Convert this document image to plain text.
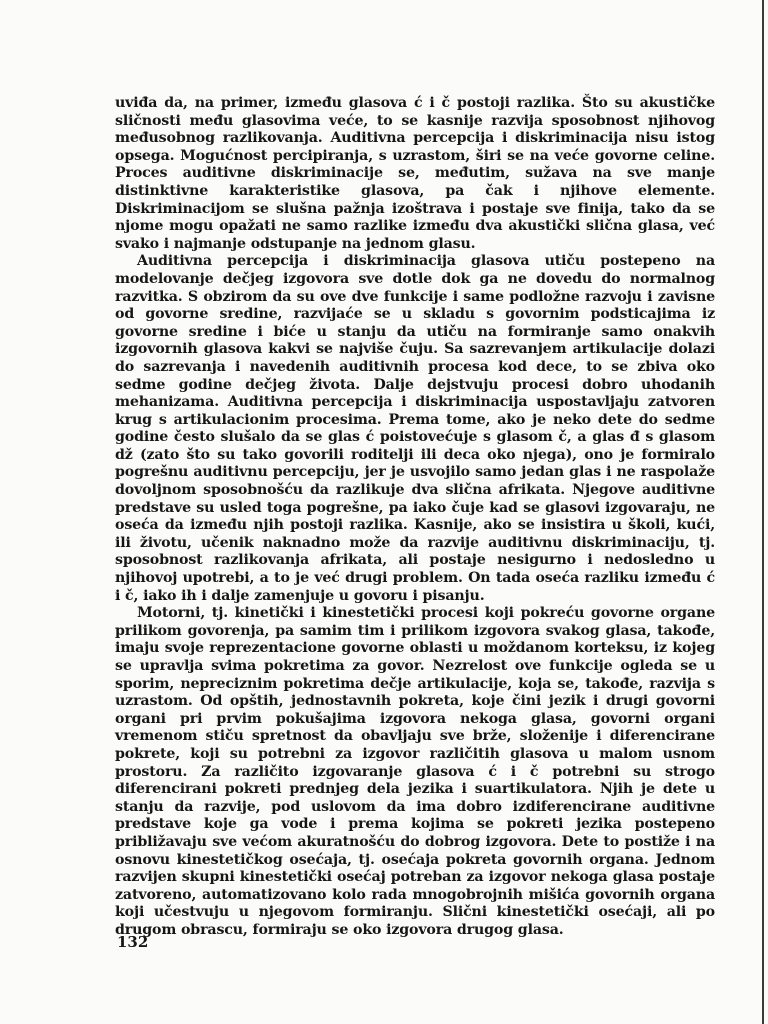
uviđa da, na primer, između glasova ć i č postoji razlika. Što su akustičke sličnosti među glasovima veće, to se kasnije razvija sposobnost njihovog međusobnog razlikovanja. Auditivna percepcija i diskriminacija nisu istog opsega. Mogućnost percipiranja, s uzrastom, širi se na veće govorne celine. Proces auditivne diskriminacije se, međutim, sužava na sve manje distinktivne karakteristike glasova, pa čak i njihove elemente. Diskriminacijom se slušna pažnja izoštrava i postaje sve finija, tako da se njome mogu opažati ne samo razlike između dva akustički slična glasa, već svako i najmanje odstupanje na jednom glasu.

Auditivna percepcija i diskriminacija glasova utiču postepeno na modelovanje dečjeg izgovora sve dotle dok ga ne dovedu do normalnog razvitka. S obzirom da su ove dve funkcije i same podložne razvoju i zavisne od govorne sredine, razvijaće se u skladu s govornim podsticajima iz govorne sredine i biće u stanju da utiču na formiranje samo onakvih izgovornih glasova kakvi se najviše čuju. Sa sazrevanjem artikulacije dolazi do sazrevanja i navedenih auditivnih procesa kod dece, to se zbiva oko sedme godine dečjeg života. Dalje dejstvuju procesi dobro uhodanih mehanizama. Auditivna percepcija i diskriminacija uspostavljaju zatvoren krug s artikulacionim procesima. Prema tome, ako je neko dete do sedme godine često slušalo da se glas ć poistovećuje s glasom č, a glas đ s glasom dž (zato što su tako govorili roditelji ili deca oko njega), ono je formiralo pogrešnu auditivnu percepciju, jer je usvojilo samo jedan glas i ne raspolaže dovoljnom sposobnošću da razlikuje dva slična afrikata. Njegove auditivne predstave su usled toga pogrešne, pa iako čuje kad se glasovi izgovaraju, ne oseća da između njih postoji razlika. Kasnije, ako se insistira u školi, kući, ili životu, učenik naknadno može da razvije auditivnu diskriminaciju, tj. sposobnost razlikovanja afrikata, ali postaje nesigurno i nedosledno u njihovoj upotrebi, a to je već drugi problem. On tada oseća razliku između ć i č, iako ih i dalje zamenjuje u govoru i pisanju.

Motorni, tj. kinetički i kinestetički procesi koji pokreću govorne organe prilikom govorenja, pa samim tim i prilikom izgovora svakog glasa, takođe, imaju svoje reprezentacione govorne oblasti u moždanom korteksu, iz kojeg se upravlja svima pokretima za govor. Nezrelost ove funkcije ogleda se u sporim, nepreciznim pokretima dečje artikulacije, koja se, takođe, razvija s uzrastom. Od opštih, jednostavnih pokreta, koje čini jezik i drugi govorni organi pri prvim pokušajima izgovora nekoga glasa, govorni organi vremenom stiču spretnost da obavljaju sve brže, složenije i diferencirane pokrete, koji su potrebni za izgovor različitih glasova u malom usnom prostoru. Za različito izgovaranje glasova ć i č potrebni su strogo diferencirani pokreti prednjeg dela jezika i suartikulatora. Njih je dete u stanju da razvije, pod uslovom da ima dobro izdiferencirane auditivne predstave koje ga vode i prema kojima se pokreti jezika postepeno približavaju sve većom akuratnošću do dobrog izgovora. Dete to postiže i na osnovu kinestetičkog osećaja, tj. osećaja pokreta govornih organa. Jednom razvijen skupni kinestetički osećaj potreban za izgovor nekoga glasa postaje zatvoreno, automatizovano kolo rada mnogobrojnih mišića govornih organa koji učestvuju u njegovom formiranju. Slični kinestetički osećaji, ali po drugom obrascu, formiraju se oko izgovora drugog glasa.

132
